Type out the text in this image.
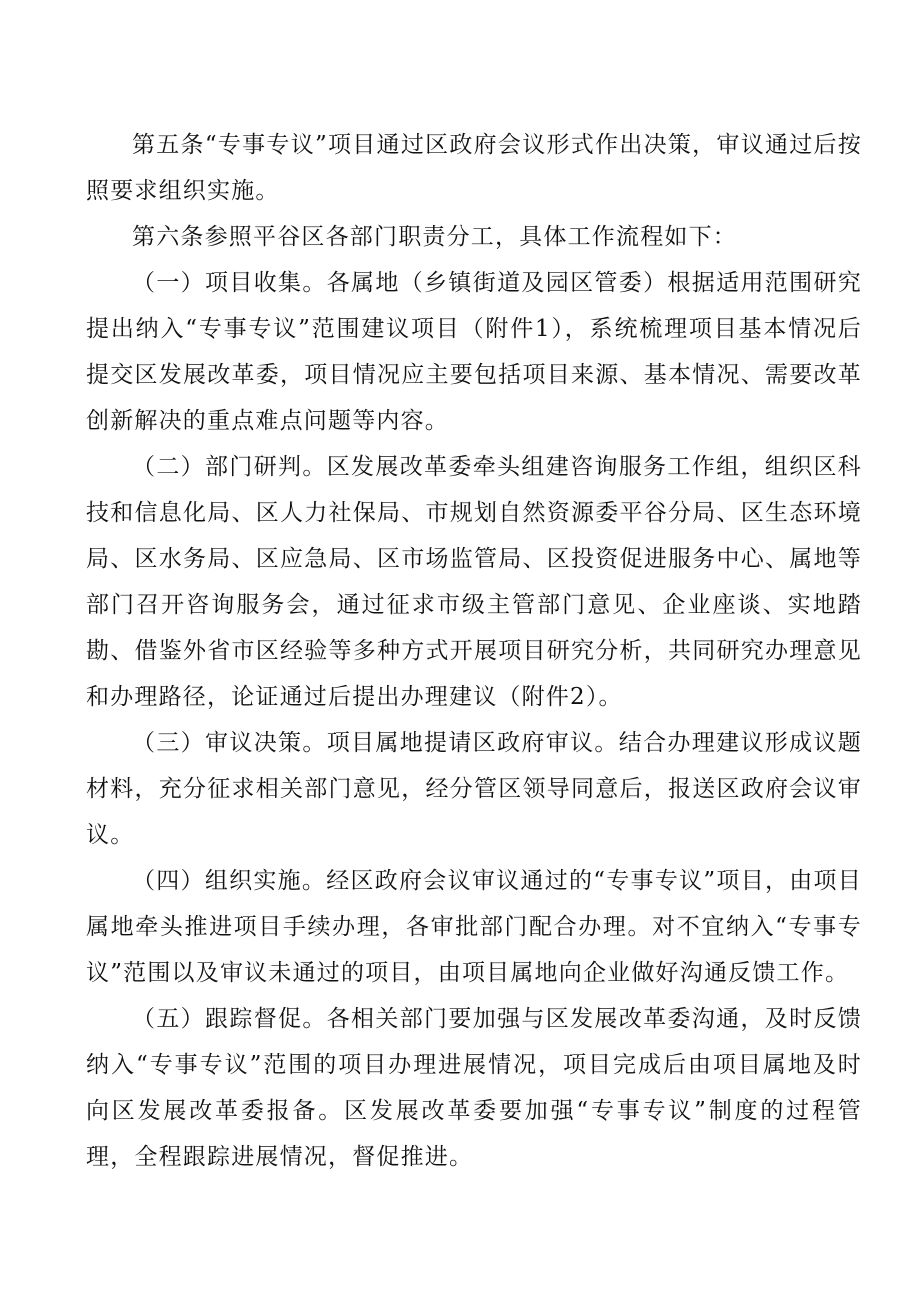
第五条“专事专议”项目通过区政府会议形式作出决策，审议通过后按照要求组织实施。

第六条参照平谷区各部门职责分工，具体工作流程如下：

（一）项目收集。各属地（乡镇街道及园区管委）根据适用范围研究提出纳入“专事专议”范围建议项目（附件1），系统梳理项目基本情况后提交区发展改革委，项目情况应主要包括项目来源、基本情况、需要改革创新解决的重点难点问题等内容。

（二）部门研判。区发展改革委牵头组建咨询服务工作组，组织区科技和信息化局、区人力社保局、市规划自然资源委平谷分局、区生态环境局、区水务局、区应急局、区市场监管局、区投资促进服务中心、属地等部门召开咨询服务会，通过征求市级主管部门意见、企业座谈、实地踏勘、借鉴外省市区经验等多种方式开展项目研究分析，共同研究办理意见和办理路径，论证通过后提出办理建议（附件2）。

（三）审议决策。项目属地提请区政府审议。结合办理建议形成议题材料，充分征求相关部门意见，经分管区领导同意后，报送区政府会议审议。

（四）组织实施。经区政府会议审议通过的“专事专议”项目，由项目属地牵头推进项目手续办理，各审批部门配合办理。对不宜纳入“专事专议”范围以及审议未通过的项目，由项目属地向企业做好沟通反馈工作。

（五）跟踪督促。各相关部门要加强与区发展改革委沟通，及时反馈纳入“专事专议”范围的项目办理进展情况，项目完成后由项目属地及时向区发展改革委报备。区发展改革委要加强“专事专议”制度的过程管理，全程跟踪进展情况，督促推进。
